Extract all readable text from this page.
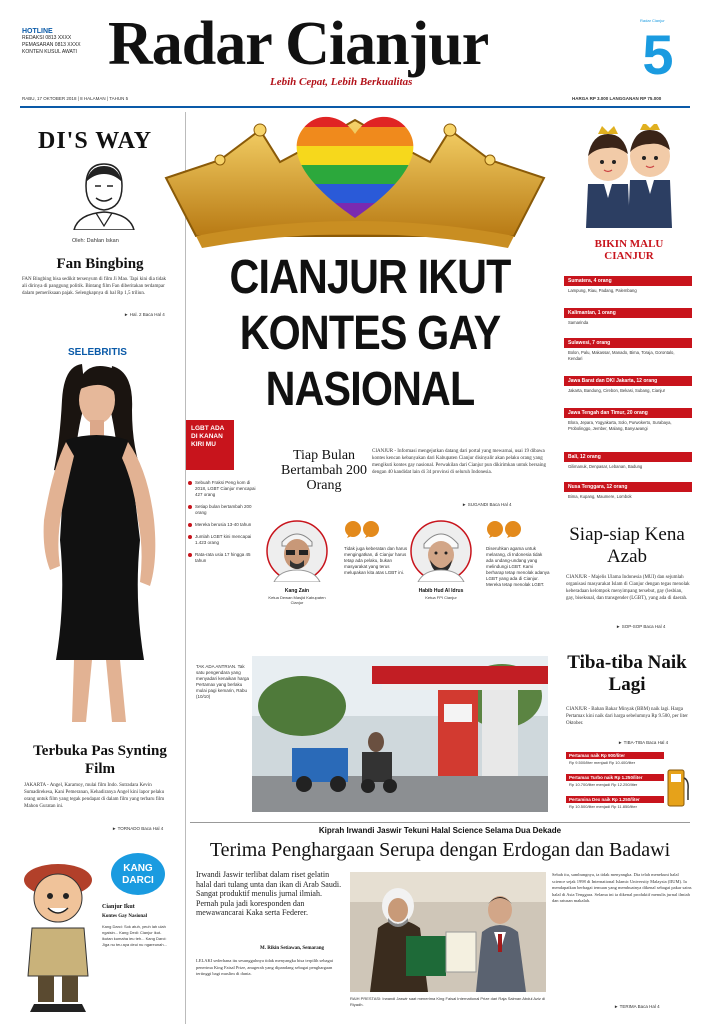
HOTLINE
REDAKSI 0813 XXXX
PEMASARAN 0813 XXXX
KONTEN KUSUL AWATI Radar Cianjur
Lebih Cepat, Lebih Berkualitas
Radar Cianjur
5
RABU, 17 OKTOBER 2018 | 8 HALAMAN | TAHUN 5	HARGA RP 3.000 LANGGANAN RP 75.000
DI'S WAY
Oleh: Dahlan Iskan
Fan Bingbing
FAN Bingbing bisa sedikit tersenyum di film Ji Mao. Tapi kini dia tidak ali dirinya di panggung politik. Bintang film Fan diberitakan terdampar dalam pemeriksaan pajak. Selengkapnya di hal Rp 1,5 triliun.
► Hal. 2 Baca Hal 4
SELEBRITIS
Terbuka Pas Synting Film
JAKARTA - Angel, Karamoy, mulai film Indo. Sutradara Kevin Sumadirekesa, Kani Pemeranan, Kehadiranya Angel kini lapor pelaku orang untuk film yang tegak pendapat di dalam film yang terbaru film Mahon Guratan ini.
► TORNADO Baca Hal 4
KANG
DARCI
Cianjur Ikut
Kontes Gay Nasional
Kang Darci: Sok atuh, yeuh lah ulah ngaisin... Kang Dedi: Cianjur ikut-ikutan kumaha ieu teh... Kang Darci: Jiga nu teu aya deui nu ngareunah...
CIANJUR IKUT
KONTES GAY
NASIONAL
LGBT ADA DI KANAN KIRI MU
Sebuah Fraksi Peng kom di 2018, LGBT Cianjur mencapai 427 orang
Setiap bulan bertambah 200 orang
Mereka berusia 13-40 tahun
Jumlah LGBT kini mencapai 1.423 orang
Rata-rata usia 17 hingga 45 tahun
Tiap Bulan Bertambah 200 Orang
CIANJUR - Informasi mengejutkan datang dari portal yang mewarnai, usai 19 dibawa kontes kencan kebanyakan dari Kabupaten Cianjur disinyalir akan pelaku orang yang mengikuti kontes gay nasional. Perwakilan dari Cianjur pun dikirimkan untuk bersaing dengan 40 kandidat lain di 34 provinsi di seluruh Indonesia.
► SUGANDI Baca Hal 4
Kang Zain
Ketua Dewan Masjid Kabupaten Cianjur
Tidak juga keberatan dan harus mengingatkan, di Cianjur harus tetap ada pelaku, bukan masyarakat yang terus melupakan kita atas LGBT ini.
Habib Hud Al Idrus
Ketua FPI Cianjur
Diseruhkan agama untuk melarang, di Indonesia tidak ada undang-undang yang melindungi LGBT. Kami berharap tetap menolak adanya LGBT yang ada di Cianjur. Mereka tetap menolak LGBT.
BIKIN MALU CIANJUR
Sumatera, 4 orang
Lampung, Riau, Padang, Palembang
Kalimantan, 1 orang
Samarinda
Sulawesi, 7 orang
Bolon, Palu, Makassar, Manado, Bima, Toraja, Gorontalo, Kendari
Jawa Barat dan DKI Jakarta, 12 orang
Jakarta, Bandung, Cirebon, Bekasi, Subang, Cianjur
Jawa Tengah dan Timur, 20 orang
Blora, Jepara, Yogyakarta, Solo, Purwokerto, Surabaya, Probolinggo, Jember, Malang, Banyuwangi
Bali, 12 orang
Gilimanuk, Denpasar, Lebanan, Badung
Nusa Tenggara, 12 orang
Bima, Kupang, Maumere, Lombok
Siap-siap Kena Azab
CIANJUR - Majelis Ulama Indonesia (MUI) dan sejumlah organisasi masyarakat Islam di Cianjur dengan tegas menolak keberadaan kelompok menyimpang tersebut, gay (lesbian, gay, biseksual, dan transgender (LGBT), yang ada di daerah.
► SOP-SOP Baca Hal 4
Tiba-tiba Naik Lagi
CIANJUR - Bahan Bakar Minyak (BBM) naik lagi. Harga Pertamax kini naik dari harga sebelumnya Rp 9.500, per liter Oktober.
► TIBA-TIBA Baca Hal 4
Pertamax naik Rp 900/liter
Rp 9.500/liter menjadi Rp 10.400/liter
Pertamax Turbo naik Rp 1.250/liter
Rp 10.700/liter menjadi Rp 12.250/liter
Pertamina Dex naik Rp 1.250/liter
Rp 10.500/liter menjadi Rp 11.850/liter
TAK ADA ANTRIAN. Tak satu pengendara yang menyadari kenaikan harga Pertamax yang berlaku mulai pagi kemarin, Rabu (10/10)
Kiprah Irwandi Jaswir Tekuni Halal Science Selama Dua Dekade
Terima Penghargaan Serupa dengan Erdogan dan Badawi
Irwandi Jaswir terlibat dalam riset gelatin halal dari tulang unta dan ikan di Arab Saudi. Sangat produktif menulis jurnal ilmiah. Pernah pula jadi koresponden dan mewawancarai Kaka serta Federer.
M. Rikin Setiawan, Semarang
LELAKI sederhana itu sesungguhnya tidak menyangka bisa terpilih sebagai penerima King Faisal Prize, anugerah yang dipandang sebagai penghargaan tertinggi bagi muslim di dunia.
RAIH PRESTASI: Irwandi Jaswir saat menerima King Faisal International Prize dari Raja Salman Abdul Aziz di Riyadh.
Sebab itu, sambungnya, ia tidak menyangka. Dia telah menekuni halal science sejak 1998 di International Islamic University Malaysia (IIUM). Ia mendapatkan berbagai temuan yang membuatnya dikenal sebagai pakar sains halal di Asia Tenggara. Selama ini ia dikenal produktif menulis jurnal ilmiah dan ratusan makalah.
► TERIMA Baca Hal 4
